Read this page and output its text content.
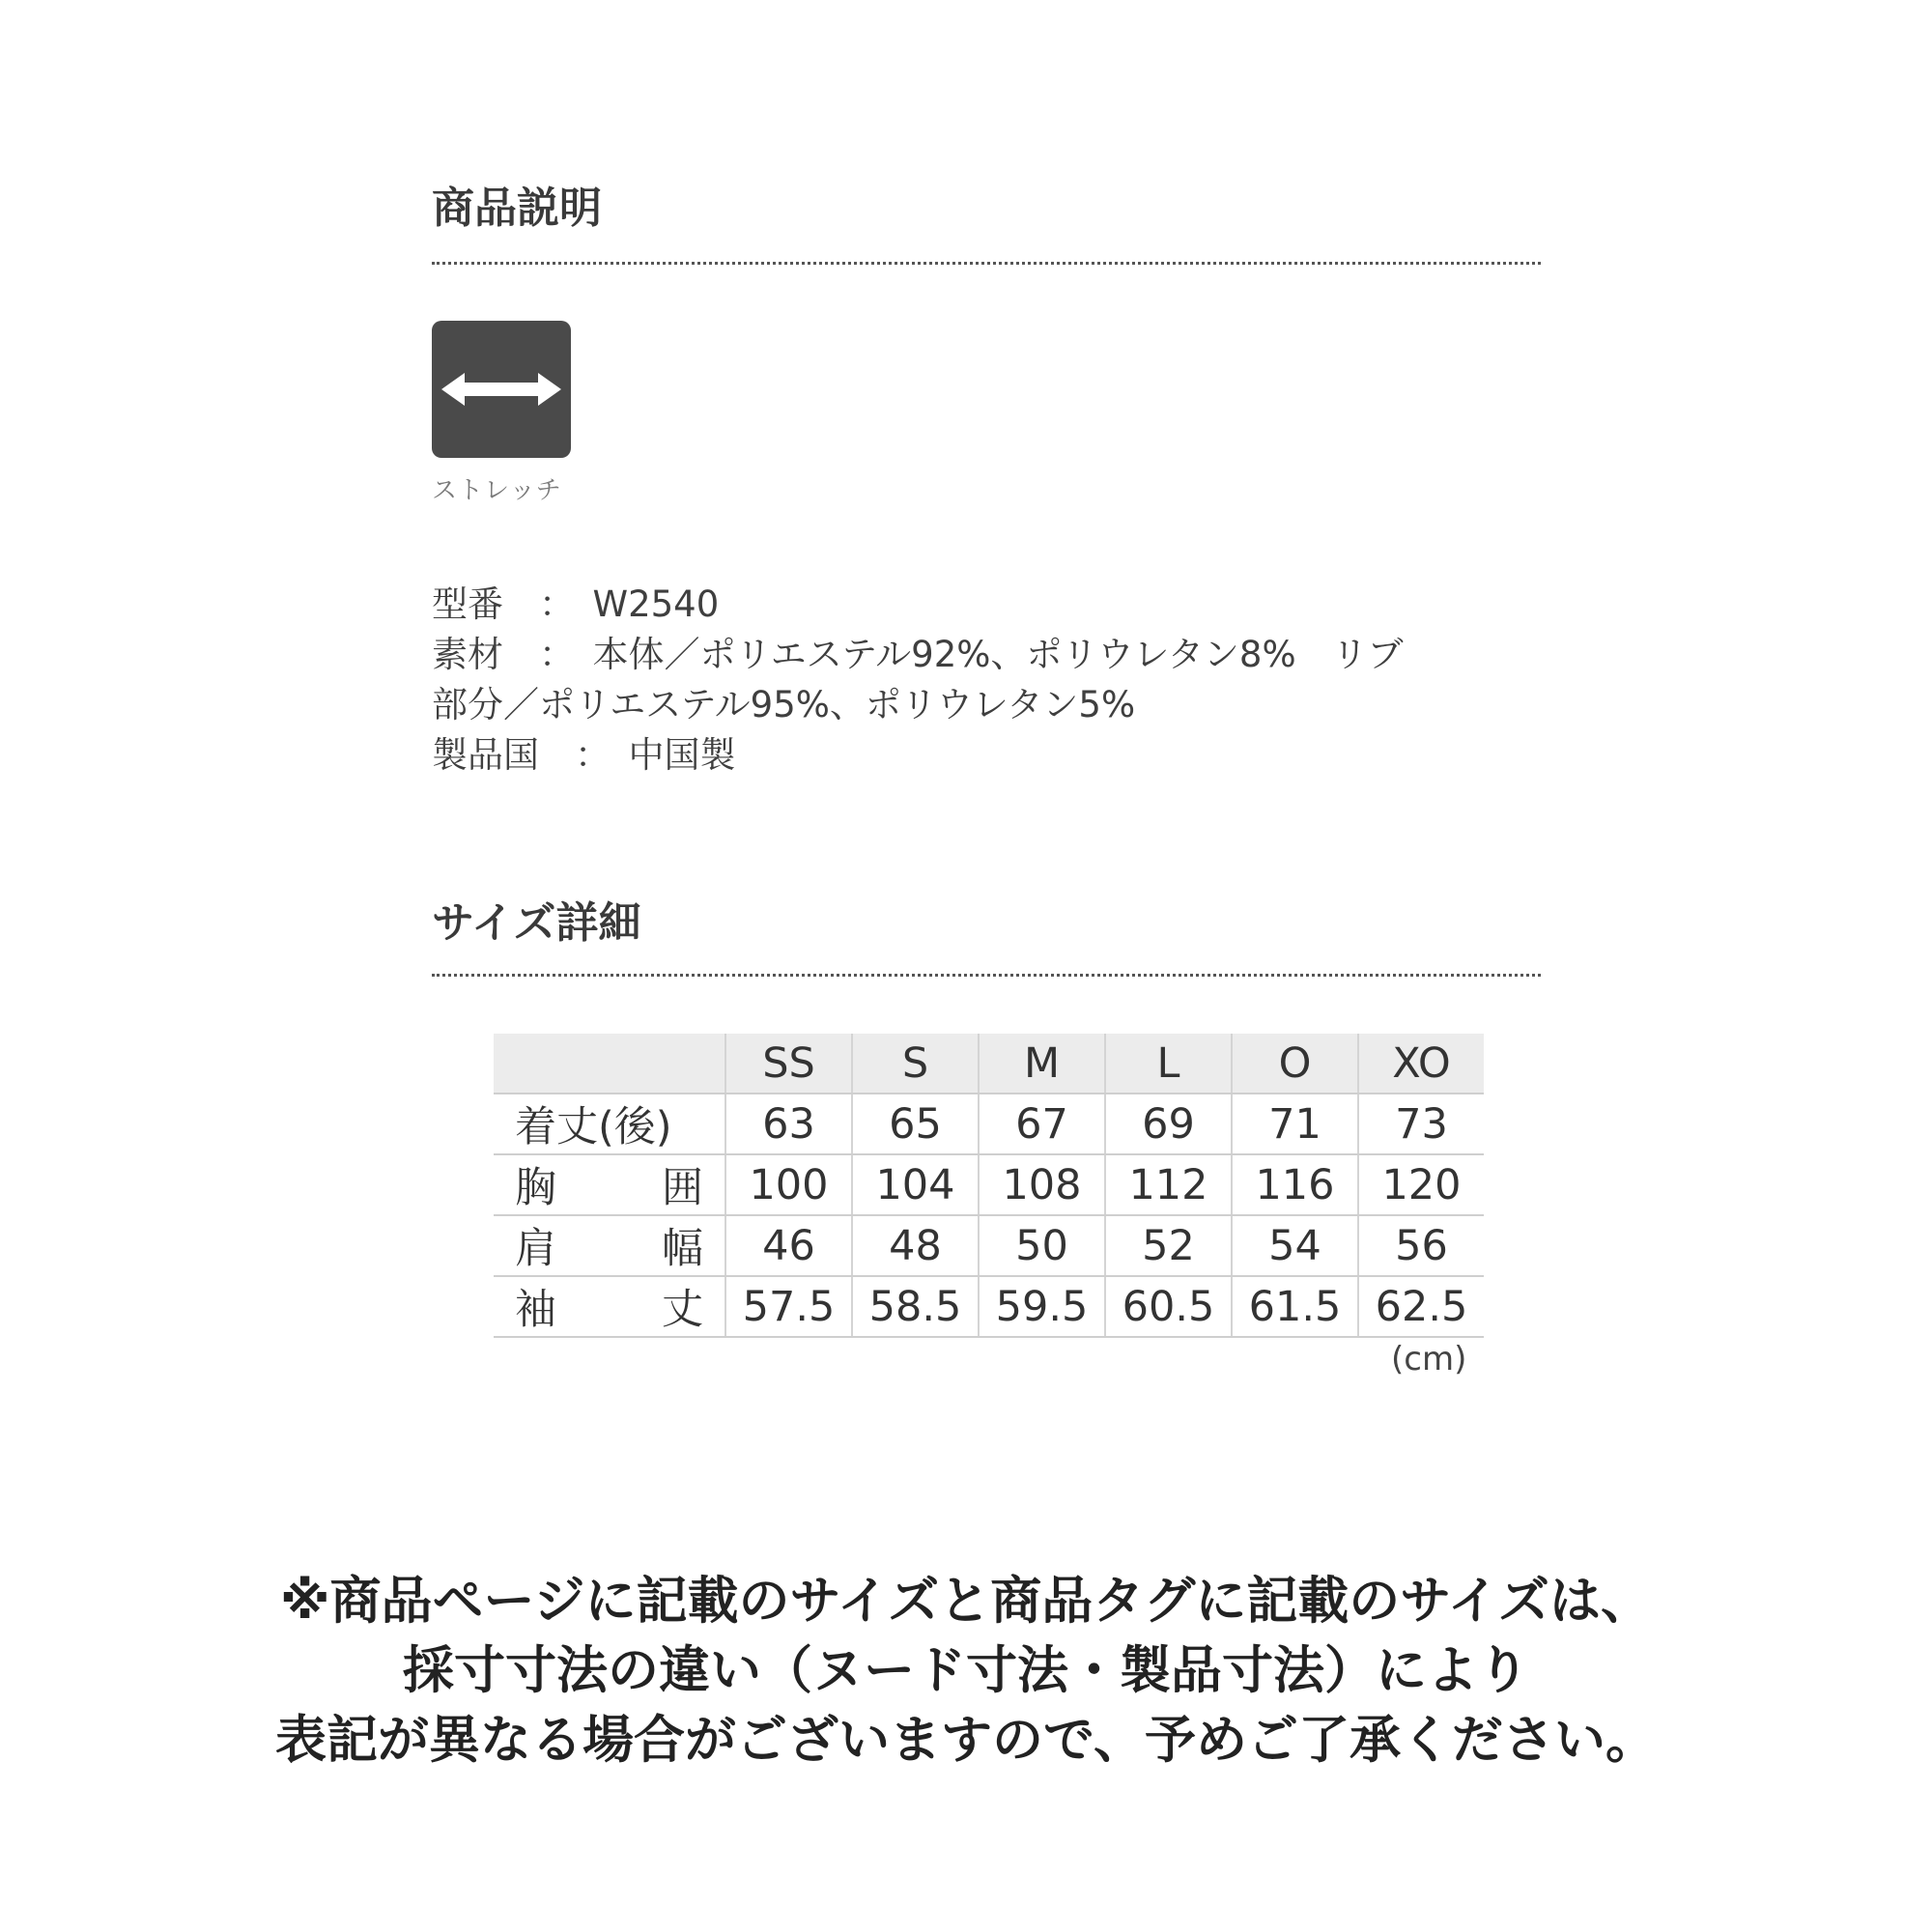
商品説明
ストレッチ
型番　：　W2540
素材　：　本体／ポリエステル92%、ポリウレタン8%　リブ
部分／ポリエステル95%、ポリウレタン5%
製品国　：　中国製
サイズ詳細
	SS	S	M	L	O	XO

着丈(後)	63	65	67	69	71	73

胸 囲	100	104	108	112	116	120

肩 幅	46	48	50	52	54	56

袖 丈	57.5	58.5	59.5	60.5	61.5	62.5
(cm)

※商品ページに記載のサイズと商品タグに記載のサイズは、
採寸寸法の違い（ヌード寸法・製品寸法）により
表記が異なる場合がございますので、予めご了承ください。
